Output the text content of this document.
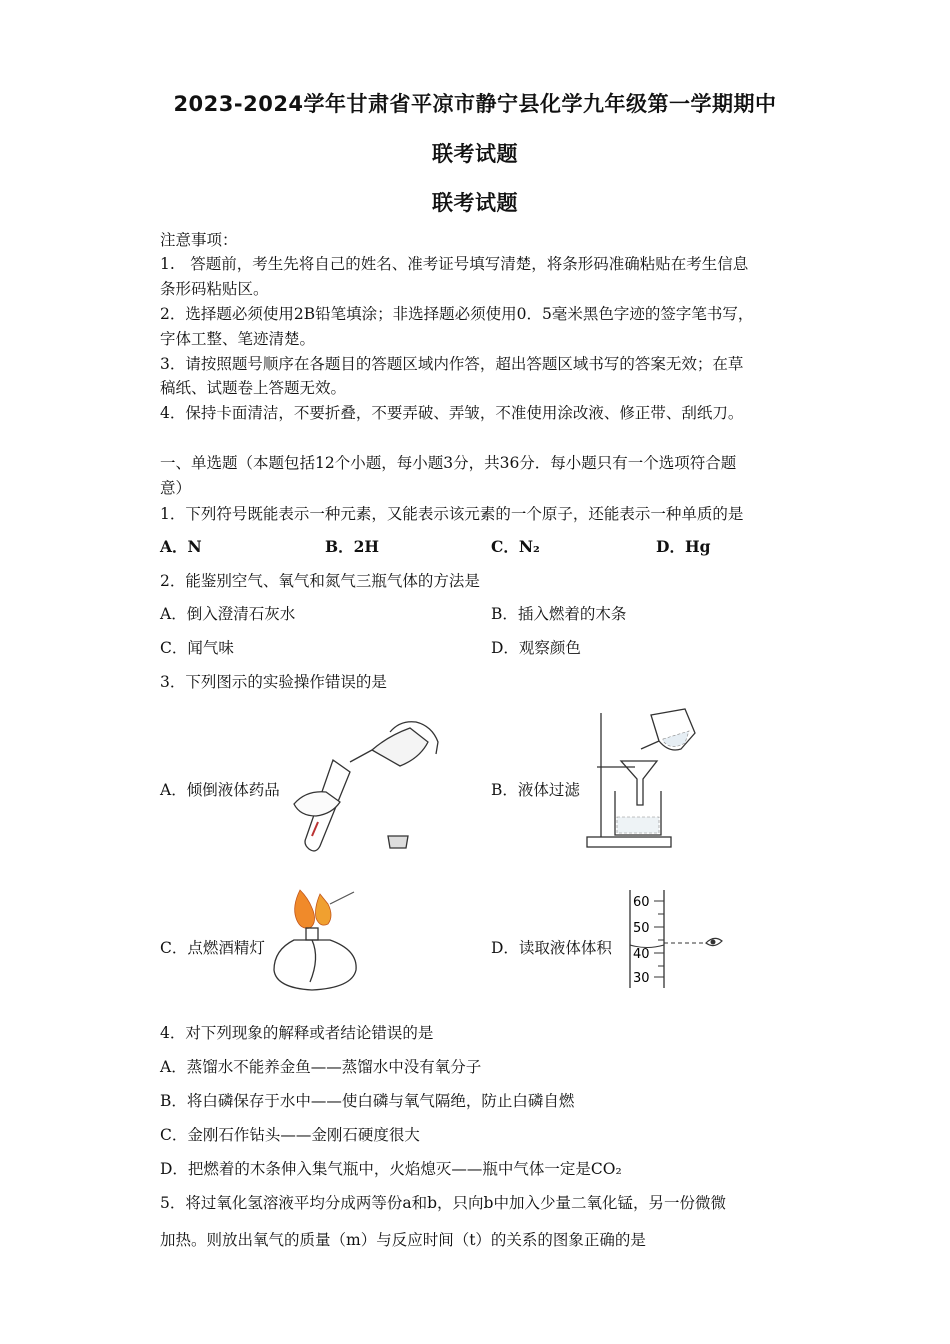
2023-2024学年甘肃省平凉市静宁县化学九年级第一学期期中
联考试题
联考试题
注意事项：
1.　答题前，考生先将自己的姓名、准考证号填写清楚，将条形码准确粘贴在考生信息
条形码粘贴区。
2．选择题必须使用2B铅笔填涂；非选择题必须使用0．5毫米黑色字迹的签字笔书写，
字体工整、笔迹清楚。
3．请按照题号顺序在各题目的答题区域内作答，超出答题区域书写的答案无效；在草
稿纸、试题卷上答题无效。
4．保持卡面清洁，不要折叠，不要弄破、弄皱，不准使用涂改液、修正带、刮纸刀。
一、单选题（本题包括12个小题，每小题3分，共36分．每小题只有一个选项符合题
意）
1．下列符号既能表示一种元素，又能表示该元素的一个原子，还能表示一种单质的是
A．N	B．2H	C．N₂	D．Hg
2．能鉴别空气、氧气和氮气三瓶气体的方法是
A．倒入澄清石灰水	B．插入燃着的木条
C．闻气味	D．观察颜色
3．下列图示的实验操作错误的是
A．倾倒液体药品	B．液体过滤
C．点燃酒精灯	D．读取液体体积
60
50
40
30
4．对下列现象的解释或者结论错误的是
A．蒸馏水不能养金鱼——蒸馏水中没有氧分子
B．将白磷保存于水中——使白磷与氧气隔绝，防止白磷自燃
C．金刚石作钻头——金刚石硬度很大
D．把燃着的木条伸入集气瓶中，火焰熄灭——瓶中气体一定是CO₂
5．将过氧化氢溶液平均分成两等份a和b，只向b中加入少量二氧化锰，另一份微微
加热。则放出氧气的质量（m）与反应时间（t）的关系的图象正确的是
